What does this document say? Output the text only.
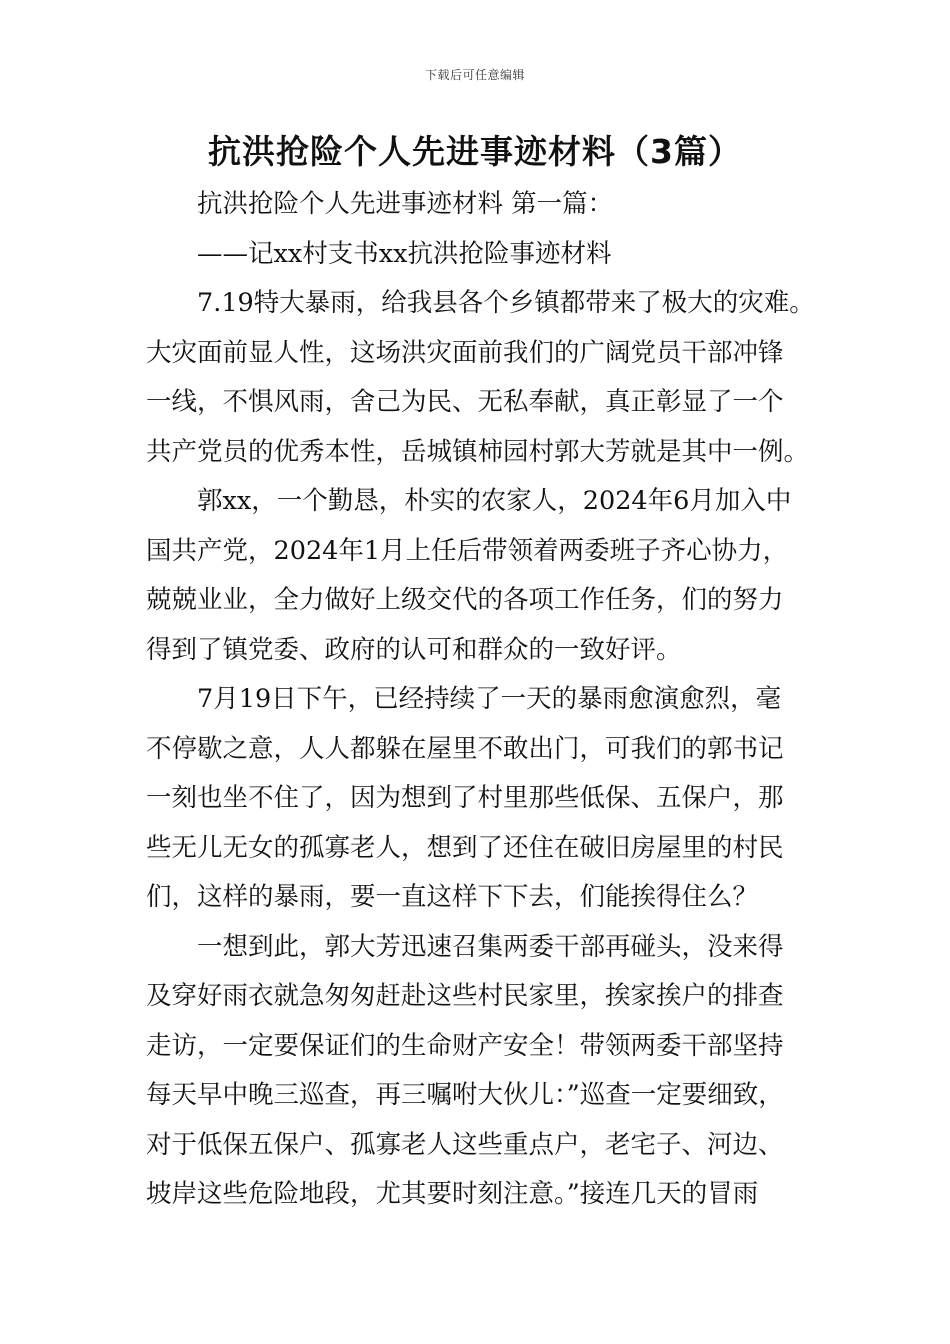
下载后可任意编辑
抗洪抢险个人先进事迹材料（3篇）

抗洪抢险个人先进事迹材料 第一篇：

——记xx村支书xx抗洪抢险事迹材料

7.19特大暴雨，给我县各个乡镇都带来了极大的灾难。

大灾面前显人性，这场洪灾面前我们的广阔党员干部冲锋

一线，不惧风雨，舍己为民、无私奉献，真正彰显了一个

共产党员的优秀本性，岳城镇柿园村郭大芳就是其中一例。

郭xx，一个勤恳，朴实的农家人，2024年6月加入中

国共产党，2024年1月上任后带领着两委班子齐心协力，

兢兢业业，全力做好上级交代的各项工作任务，们的努力

得到了镇党委、政府的认可和群众的一致好评。

7月19日下午，已经持续了一天的暴雨愈演愈烈，毫

不停歇之意，人人都躲在屋里不敢出门，可我们的郭书记

一刻也坐不住了，因为想到了村里那些低保、五保户，那

些无儿无女的孤寡老人，想到了还住在破旧房屋里的村民

们，这样的暴雨，要一直这样下下去，们能挨得住么？

一想到此，郭大芳迅速召集两委干部再碰头，没来得

及穿好雨衣就急匆匆赶赴这些村民家里，挨家挨户的排查

走访，一定要保证们的生命财产安全！带领两委干部坚持

每天早中晚三巡查，再三嘱咐大伙儿：”巡查一定要细致，

对于低保五保户、孤寡老人这些重点户，老宅子、河边、

坡岸这些危险地段，尤其要时刻注意。”接连几天的冒雨
